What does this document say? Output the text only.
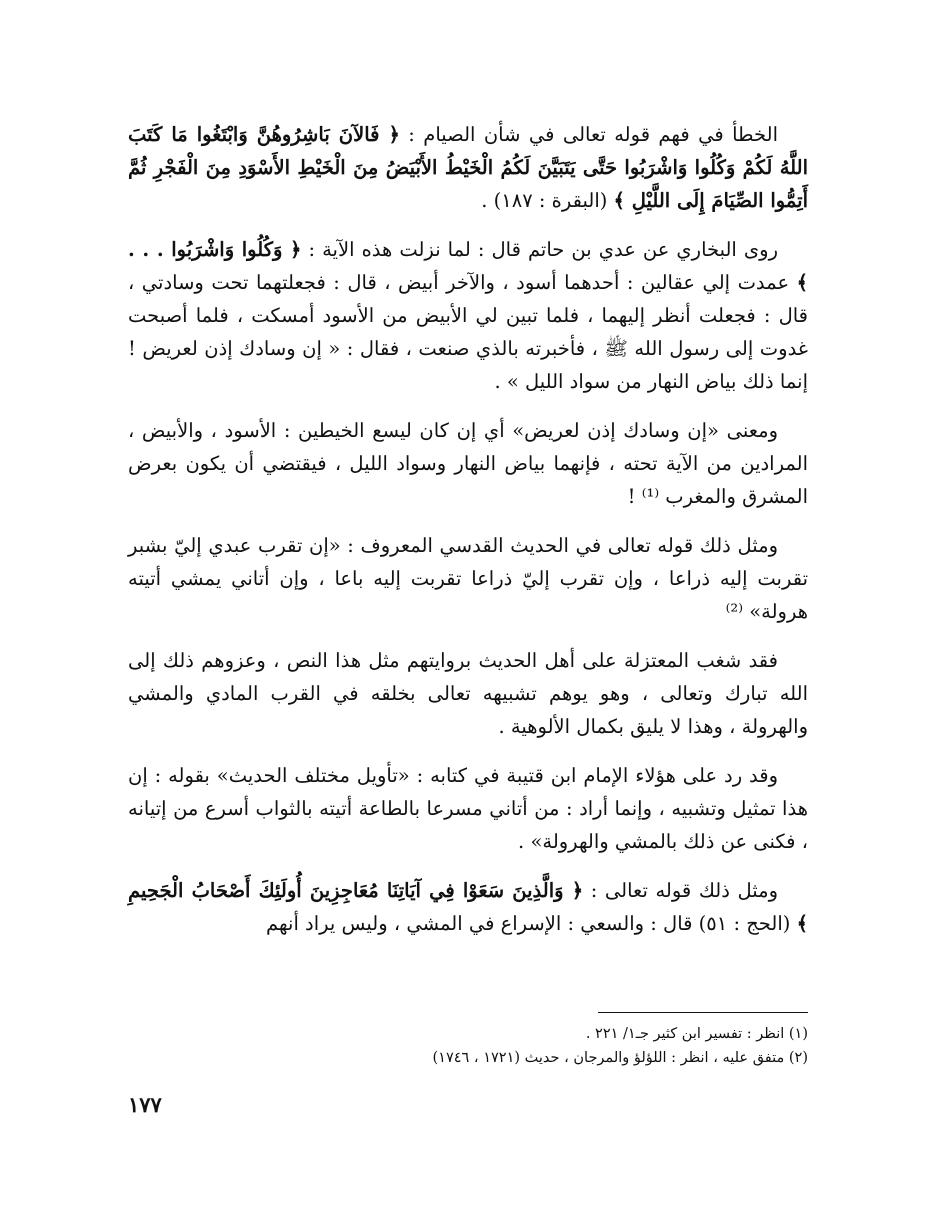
الخطأ في فهم قوله تعالى في شأن الصيام : ﴿ فَالآنَ بَاشِرُوهُنَّ وَابْتَغُوا مَا كَتَبَ اللَّهُ لَكُمْ وَكُلُوا وَاشْرَبُوا حَتَّى يَتَبَيَّنَ لَكُمُ الْخَيْطُ الأَبْيَضُ مِنَ الْخَيْطِ الأَسْوَدِ مِنَ الْفَجْرِ ثُمَّ أَتِمُّوا الصِّيَامَ إِلَى اللَّيْلِ ﴾ (البقرة : ١٨٧) .

روى البخاري عن عدي بن حاتم قال : لما نزلت هذه الآية : ﴿ وَكُلُوا وَاشْرَبُوا . . . ﴾ عمدت إلي عقالين : أحدهما أسود ، والآخر أبيض ، قال : فجعلتهما تحت وسادتي ، قال : فجعلت أنظر إليهما ، فلما تبين لي الأبيض من الأسود أمسكت ، فلما أصبحت غدوت إلى رسول الله ﷺ ، فأخبرته بالذي صنعت ، فقال : « إن وسادك إذن لعريض ! إنما ذلك بياض النهار من سواد الليل » .

ومعنى «إن وسادك إذن لعريض» أي إن كان ليسع الخيطين : الأسود ، والأبيض ، المرادين من الآية تحته ، فإنهما بياض النهار وسواد الليل ، فيقتضي أن يكون بعرض المشرق والمغرب ⁽¹⁾ !

ومثل ذلك قوله تعالى في الحديث القدسي المعروف : «إن تقرب عبدي إليّ بشبر تقربت إليه ذراعا ، وإن تقرب إليّ ذراعا تقربت إليه باعا ، وإن أتاني يمشي أتيته هرولة» ⁽²⁾

فقد شغب المعتزلة على أهل الحديث بروايتهم مثل هذا النص ، وعزوهم ذلك إلى الله تبارك وتعالى ، وهو يوهم تشبيهه تعالى بخلقه في القرب المادي والمشي والهرولة ، وهذا لا يليق بكمال الألوهية .

وقد رد على هؤلاء الإمام ابن قتيبة في كتابه : «تأويل مختلف الحديث» بقوله : إن هذا تمثيل وتشبيه ، وإنما أراد : من أتاني مسرعا بالطاعة أتيته بالثواب أسرع من إتيانه ، فكنى عن ذلك بالمشي والهرولة» .

ومثل ذلك قوله تعالى : ﴿ وَالَّذِينَ سَعَوْا فِي آيَاتِنَا مُعَاجِزِينَ أُولَئِكَ أَصْحَابُ الْجَحِيمِ ﴾ (الحج : ٥١) قال : والسعي : الإسراع في المشي ، وليس يراد أنهم

(١) انظر : تفسير ابن كثير جـ١/ ٢٢١ .

(٢) متفق عليه ، انظر : اللؤلؤ والمرجان ، حديث (١٧٢١ ، ١٧٤٦)

١٧٧
